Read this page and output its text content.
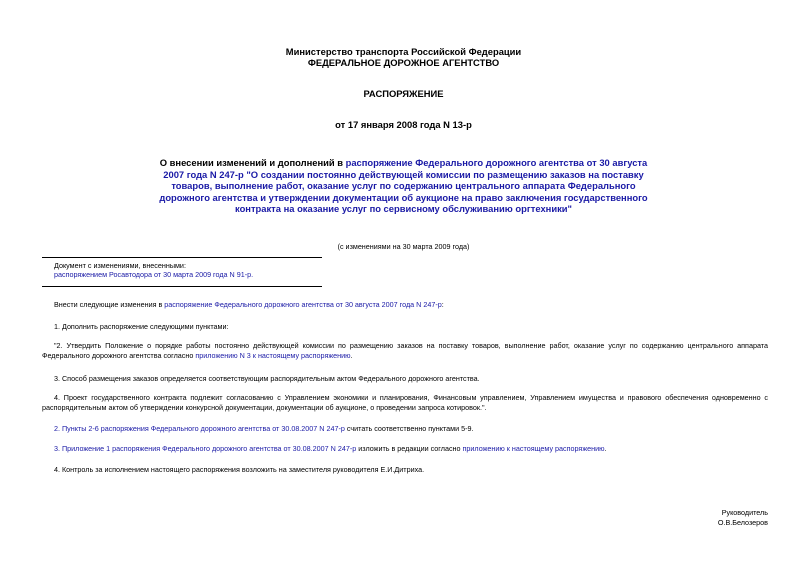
Министерство транспорта Российской Федерации
ФЕДЕРАЛЬНОЕ ДОРОЖНОЕ АГЕНТСТВО
РАСПОРЯЖЕНИЕ
от 17 января 2008 года N 13-р
О внесении изменений и дополнений в распоряжение Федерального дорожного агентства от 30 августа 2007 года N 247-р "О создании постоянно действующей комиссии по размещению заказов на поставку товаров, выполнение работ, оказание услуг по содержанию центрального аппарата Федерального дорожного агентства и утверждении документации об аукционе на право заключения государственного контракта на оказание услуг по сервисному обслуживанию оргтехники"
(с изменениями на 30 марта 2009 года)
Документ с изменениями, внесенными:
распоряжением Росавтодора от 30 марта 2009 года N 91-р.
Внести следующие изменения в распоряжение Федерального дорожного агентства от 30 августа 2007 года N 247-р:
1. Дополнить распоряжение следующими пунктами:
"2. Утвердить Положение о порядке работы постоянно действующей комиссии по размещению заказов на поставку товаров, выполнение работ, оказание услуг по содержанию центрального аппарата Федерального дорожного агентства согласно приложению N 3 к настоящему распоряжению.
3. Способ размещения заказов определяется соответствующим распорядительным актом Федерального дорожного агентства.
4. Проект государственного контракта подлежит согласованию с Управлением экономики и планирования, Финансовым управлением, Управлением имущества и правового обеспечения одновременно с распорядительным актом об утверждении конкурсной документации, документации об аукционе, о проведении запроса котировок.".
2. Пункты 2-6 распоряжения Федерального дорожного агентства от 30.08.2007 N 247-р считать соответственно пунктами 5-9.
3. Приложение 1 распоряжения Федерального дорожного агентства от 30.08.2007 N 247-р изложить в редакции согласно приложению к настоящему распоряжению.
4. Контроль за исполнением настоящего распоряжения возложить на заместителя руководителя Е.И.Дитриха.
Руководитель
О.В.Белозеров
